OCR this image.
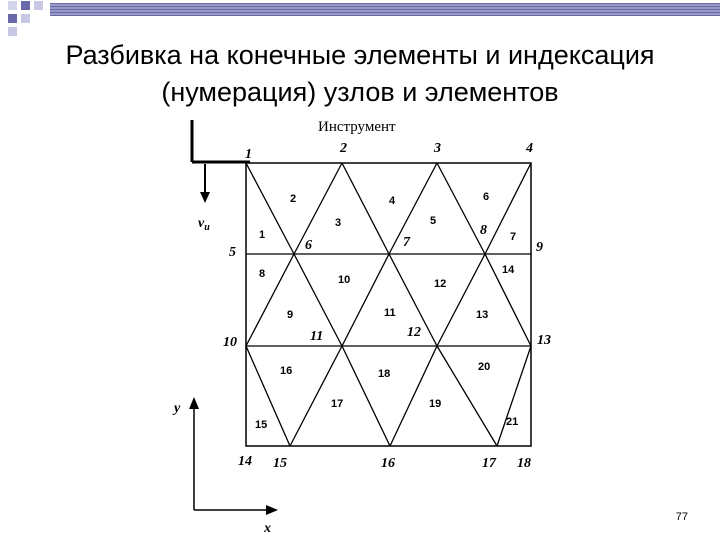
Разбивка на конечные элементы и индексация
(нумерация) узлов и элементов
Инструмент
$v_и$
1	2	3	4
5	6	7
8
9
10	11	12
13
14 15	16	17 18
1
2
3
4
5
6
7
8
9
10
11
12
13
14
15
16
17
18
19
20
21
y
x
77
